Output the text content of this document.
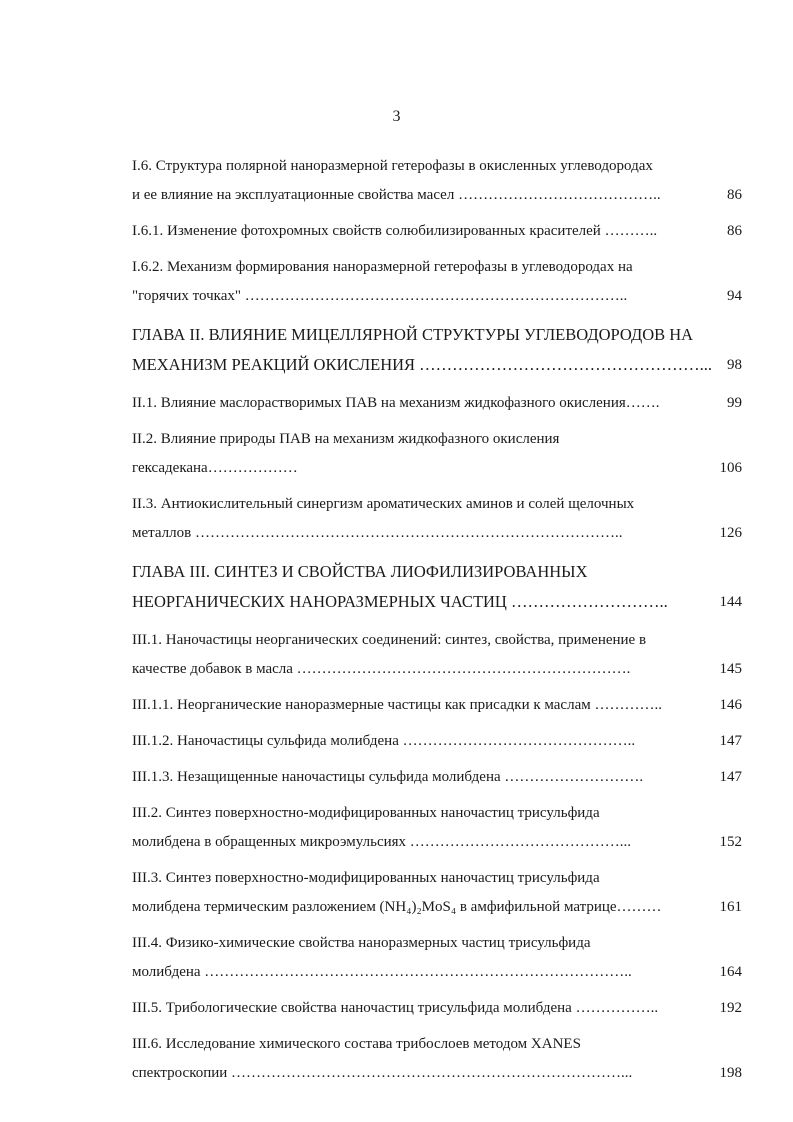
3
I.6. Структура полярной наноразмерной гетерофазы в окисленных углеводородах
и ее влияние на эксплуатационные свойства масел …………………………………..	86
I.6.1. Изменение фотохромных свойств солюбилизированных красителей ………..	86
I.6.2. Механизм формирования наноразмерной гетерофазы в углеводородах на
"горячих точках" …………………………………………………………………..	94
ГЛАВА II. ВЛИЯНИЕ МИЦЕЛЛЯРНОЙ СТРУКТУРЫ УГЛЕВОДОРОДОВ НА
МЕХАНИЗМ РЕАКЦИЙ ОКИСЛЕНИЯ ……………………………………………... 98
II.1. Влияние маслорастворимых ПАВ на механизм жидкофазного окисления…….	99
II.2. Влияние природы ПАВ на механизм жидкофазного окисления
гексадекана………………	106
II.3. Антиокислительный синергизм ароматических аминов и солей щелочных
металлов …………………………………………………………………………..	126
ГЛАВА III. СИНТЕЗ И СВОЙСТВА ЛИОФИЛИЗИРОВАННЫХ
НЕОРГАНИЧЕСКИХ НАНОРАЗМЕРНЫХ ЧАСТИЦ ………………………..	144
III.1. Наночастицы неорганических соединений: синтез, свойства, применение в
качестве добавок в масла ………………………………………………………….	145
III.1.1. Неорганические наноразмерные частицы как присадки к маслам …………..	146
III.1.2. Наночастицы сульфида молибдена ………………………………………..	147
III.1.3. Незащищенные наночастицы сульфида молибдена ……………………….	147
III.2. Синтез поверхностно-модифицированных наночастиц трисульфида
молибдена в обращенных микроэмульсиях ……………………………………...	152
III.3. Синтез поверхностно-модифицированных наночастиц трисульфида
молибдена термическим разложением (NH₄)₂MoS₄ в амфифильной матрице………	161
III.4. Физико-химические свойства наноразмерных частиц трисульфида
молибдена …………………………………………………………………………..	164
III.5. Трибологические свойства наночастиц трисульфида молибдена ……………..	192
III.6. Исследование химического состава трибослоев методом XANES
спектроскопии ……………………………………………………………………...	198
